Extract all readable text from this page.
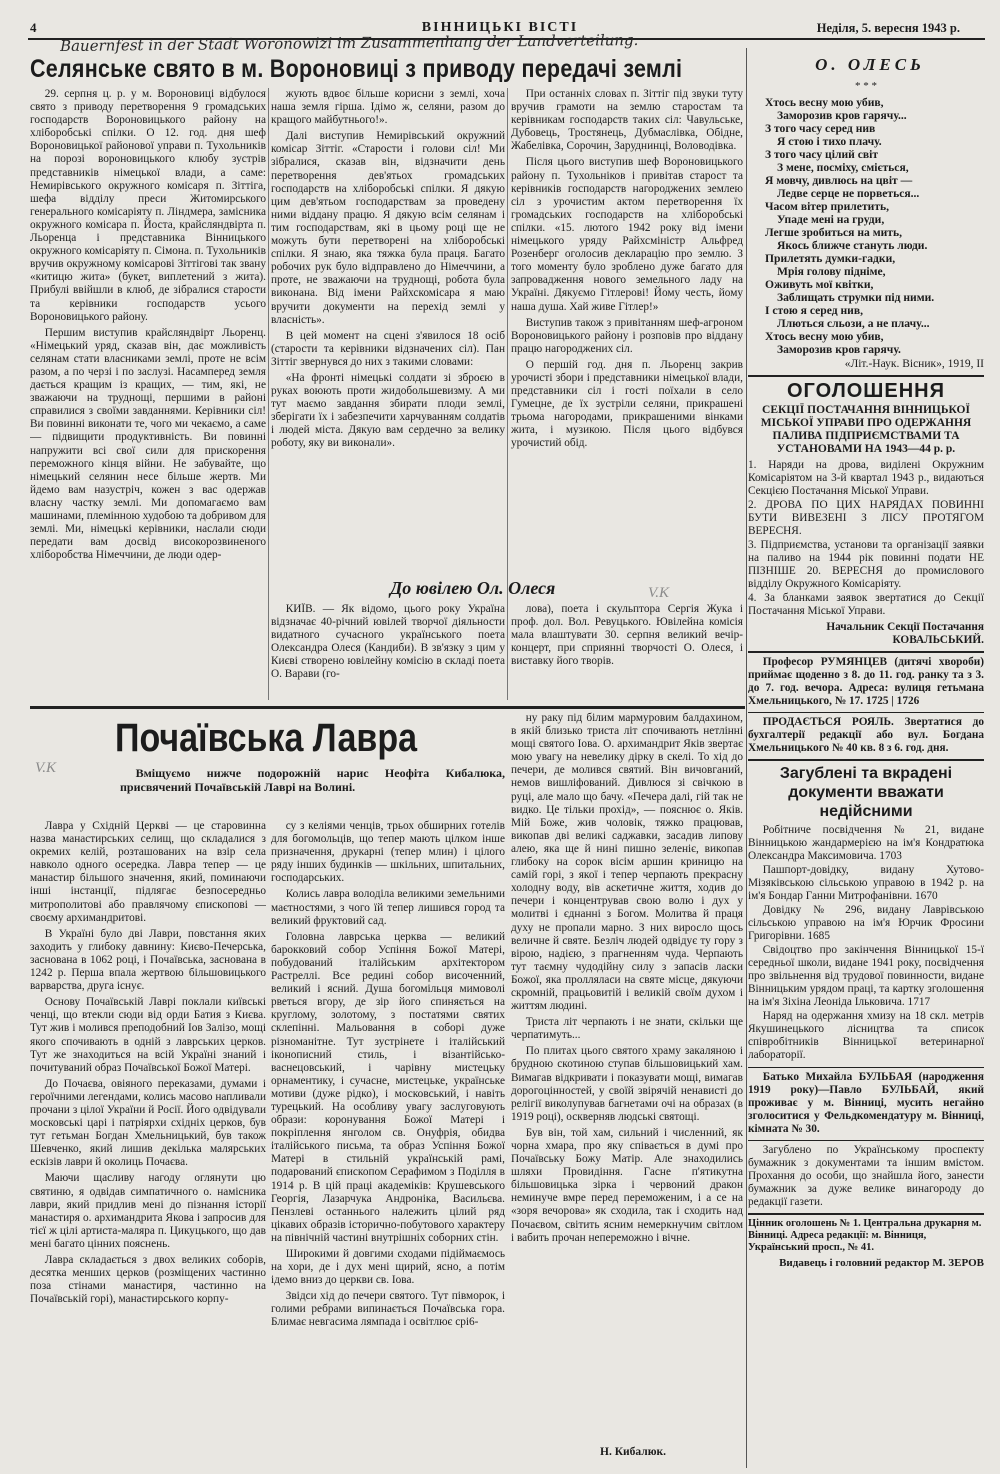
4	ВІННИЦЬКІ ВІСТІ	Неділя, 5. вересня 1943 р.
Bauernfest in der Stadt Woronowizi im Zusammenhang der Landverteilung.
Селянське свято в м. Вороновиці з приводу передачі землі

29. серпня ц. р. у м. Вороновиці відбулося свято з приводу перетворення 9 громадських господарств Вороновицького району на хліборобські спілки. О 12. год. дня шеф Вороновицької районової управи п. Тухольників на порозі вороновицького клюбу зустрів представників німецької влади, а саме: Немирівського окружного комісаря п. Зіттіга, шефа відділу преси Житомирського генерального комісаріяту п. Ліндмера, замісника окружного комісара п. Йоста, крайсляндвірта п. Льоренца і представника Вінницького окружного комісаріяту п. Сімона. п. Тухольників вручив окружному комісарові Зіттігові так звану «китицю жита» (букет, виплетений з жита). Прибулі ввійшли в клюб, де зібралися старости та керівники господарств усього Вороновицького району.

Першим виступив крайсляндвірт Льоренц. «Німецький уряд, сказав він, дає можливість селянам стати власниками землі, проте не всім разом, а по черзі і по заслузі. Насамперед земля дається кращим із кращих, — тим, які, не зважаючи на труднощі, першими в районі справилися з своїми завданнями. Керівники сіл! Ви повинні виконати те, чого ми чекаємо, а саме — підвищити продуктивність. Ви повинні напружити всі свої сили для прискорення переможного кінця війни. Не забувайте, що німецький селянин несе більше жертв. Ми йдемо вам назустріч, кожен з вас одержав власну частку землі. Ми допомагаємо вам машинами, племінною худобою та добривом для землі. Ми, німецькі керівники, наслали сюди передати вам досвід високорозвиненого хліборобства Німеччини, де люди одер-

жують вдвоє більше корисни з землі, хоча наша земля гірша. Ідімо ж, селяни, разом до кращого майбутнього!».

Далі виступив Немирівський окружний комісар Зіттіг. «Старости і голови сіл! Ми зібралися, сказав він, відзначити день перетворення дев'ятьох громадських господарств на хліборобські спілки. Я дякую цим дев'ятьом господарствам за проведену ними віддану працю. Я дякую всім селянам і тим господарствам, які в цьому році ще не можуть бути перетворені на хліборобські спілки. Я знаю, яка тяжка була праця. Багато робочих рук було відправлено до Німеччини, а проте, не зважаючи на труднощі, робота була виконана. Від імени Райхскомісара я маю вручити документи на перехід землі у власність».

В цей момент на сцені з'явилося 18 осіб (старости та керівники відзначених сіл). Пан Зіттіг звернувся до них з такими словами:

«На фронті німецькі солдати зі зброєю в руках воюють проти жидобольшевизму. А ми тут маємо завдання збирати плоди землі, зберігати їх і забезпечити харчуванням солдатів і людей міста. Дякую вам сердечно за велику роботу, яку ви виконали».

При останніх словах п. Зіттіг під звуки туту вручив грамоти на землю старостам та керівникам господарств таких сіл: Чавульське, Дубовець, Тростянець, Дубмаслівка, Обідне, Жабелівка, Сорочин, Заруднинці, Воловодівка.

Після цього виступив шеф Вороновицького району п. Тухольніков і привітав старост та керівників господарств нагороджених землею сіл з урочистим актом перетворення їх громадських господарств на хліборобські спілки. «15. лютого 1942 року від імени німецького уряду Райхсміністр Альфред Розенберг оголосив декларацію про землю. З того моменту було зроблено дуже багато для запровадження нового земельного ладу на Україні. Дякуємо Гітлерові! Йому честь, йому наша душа. Хай живе Гітлер!»

Виступив також з привітанням шеф-агроном Вороновицького району і розповів про віддану працю нагороджених сіл.

О першій год. дня п. Льоренц закрив урочисті збори і представники німецької влади, представники сіл і гості поїхали в село Гумецне, де їх зустріли селяни, прикрашені трьома нагородами, прикрашеними вінками жита, і музикою. Після цього відбувся урочистий обід.

До ювілею Ол. Олеся	V.K

КИЇВ. — Як відомо, цього року Україна відзначає 40-річний ювілей творчої діяльности видатного сучасного українського поета Олександра Олеся (Кандиби). В зв'язку з цим у Києві створено ювілейну комісію в складі поета О. Варави (го-

лова), поета і скульптора Сергія Жука і проф. дол. Вол. Ревуцького. Ювілейна комісія мала влаштувати 30. серпня великий вечір-концерт, при сприянні творчості О. Олеся, і виставку його творів.

V.K
Почаївська Лавра
Вміщуємо нижче подорожній нарис Неофіта Кибалюка, присвячений Почаївській Лаврі на Волині.

Лавра у Східній Церкві — це старовинна назва манастирських селищ, що складалися з окремих келій, розташованих на взір села навколо одного осередка. Лавра тепер — це манастир більшого значення, який, поминаючи інші інстанції, підлягає безпосередньо митрополитові або правлячому єпископові — своєму архимандритові.

В Україні було дві Лаври, повстання яких заходить у глибоку давнину: Києво-Печерська, заснована в 1062 році, і Почаївська, заснована в 1242 р. Перша впала жертвою більшовицького варварства, друга існує.

Основу Почаївській Лаврі поклали київські ченці, що втекли сюди від орди Батия з Києва. Тут жив і молився преподобний Іов Залізо, мощі якого спочивають в одній з лаврських церков. Тут же знаходиться на всій Україні знаний і почитуваний образ Почаївської Божої Матері.

До Почаєва, овіяного переказами, думами і героїчними легендами, колись масово напливали прочани з цілої України й Росії. Його одвідували московські царі і патріярхи східніх церков, був тут гетьман Богдан Хмельницький, був також Шевченко, який лишив декілька малярських ескізів лаври й околиць Почаєва.

Маючи щасливу нагоду оглянути цю святиню, я одвідав симпатичного о. намісника лаври, який придлив мені до пізнання історії манастиря о. архимандрита Якова і запросив для тієї ж цілі артиста-маляра п. Цикуцького, що дав мені багато цінних пояснень.

Лавра складається з двох великих соборів, десятка менших церков (розміщених частинно поза стінами манастиря, частинно на Почаївській горі), манастирського корпу-

су з келіями ченців, трьох обширних готелів для богомольців, що тепер мають цілком інше призначення, друкарні (тепер млин) і цілого ряду інших будинків — шкільних, шпитальних, господарських.

Колись лавра володіла великими земельними маєтностями, з чого їй тепер лишився город та великий фруктовий сад.

Головна лаврська церква — великий барокковий собор Успіння Божої Матері, побудований італійським архітектором Растреллі. Все редині собор височенний, великий і ясний. Душа богомільця мимоволі рветься вгору, де зір його спиняється на круглому, золотому, з постатями святих склепінні. Мальовання в соборі дуже різноманітне. Тут зустрінете і італійський іконописний стиль, і візантійсько-васнецовський, і чарівну мистецьку орнаментику, і сучасне, мистецьке, українське мотиви (дуже рідко), і московський, і навіть турецький. На особливу увагу заслуговують образи: коронування Божої Матері і покріплення янголом св. Онуфрія, обидва італійського письма, та образ Успіння Божої Матері в стильній українській рамі, подарований єпископом Серафимом з Поділля в 1914 р. В цій праці академіків: Крушевського Георгія, Лазарчука Андроніка, Васильєва. Пензлеві останнього належить цілий ряд цікавих образів історично-побутового характеру на північній частині внутрішніх соборних стін.

Широкими й довгими сходами підіймаємось на хори, де і дух мені щирий, ясно, а потім ідемо вниз до церкви св. Іова.

Звідси хід до печери святого. Тут півморок, і голими ребрами випинається Почаївська гора. Блимає невгасима лямпада і освітлює срі6-

ну раку під білим мармуровим балдахином, в якій близько триста літ спочивають нетлінні мощі святого Іова. О. архимандрит Яків звертає мою увагу на невелику дірку в скелі. То хід до печери, де молився святий. Він вичовганий, немов вишліфований. Дивлюся зі свічкою в руці, але мало що бачу. «Печера далі, гій так не видко. Це тільки прохід», — пояснює о. Яків. Мій Боже, жив чоловік, тяжко працював, викопав дві великі саджавки, засадив липову алею, яка ще й нині пишно зеленіє, викопав глибоку на сорок вісім аршин криницю на самій горі, з якої і тепер черпають прекрасну холодну воду, вів аскетичне життя, ходив до печери і концентрував свою волю і дух у молитві і єднанні з Богом. Молитва й праця духу не пропали марно. З них виросло щось величне й святе. Безліч людей одвідує ту гору з вірою, надією, з прагненням чуда. Черпають тут таємну чудодійну силу з запасів ласки Божої, яка пролляласи на святе місце, дякуючи скромній, працьовитій і великій своїм духом і життям людині.

Триста літ черпають і не знати, скільки ще черпатимуть...

По плитах цього святого храму закаляною і брудною скотиною ступав більшовицький хам. Вимагав відкривати і показувати мощі, вимагав дорогоцінностей, у своїй звірячій ненависті до релігії виколупував багнетами очі на образах (в 1919 році), оскверняв людські святощі.

Був він, той хам, сильний і численний, як чорна хмара, про яку співається в думі про Почаївську Божу Матір. Але знаходились шляхи Провидіння. Гасне п'ятикутна більшовицька зірка і червоний дракон неминуче вмре перед переможеним, і а се на «зоря вечорова» як сходила, так і сходить над Почаєвом, світить ясним немеркнучим світлом і вабить прочан непереможно і вічне.

Н. Кибалюк.
О. ОЛЕСЬ
* * *
Хтось весну мою убив,
Заморозив кров гарячу...
З того часу серед нив
Я стою і тихо плачу.
З того часу цілий світ
З мене, посміху, сміється,
Я мовчу, дивлюсь на цвіт —
Ледве серце не порветься...
Часом вітер прилетить,
Упаде мені на груди,
Легше зробиться на мить,
Якось ближче стануть люди.
Прилетять думки-гадки,
Мрія голову підніме,
Оживуть мої квітки,
Заблищать струмки під ними.
І стою я серед нив,
Ллються сльози, а не плачу...
Хтось весну мою убив,
Заморозив кров гарячу.
«Літ.-Наук. Вісник», 1919, II
ОГОЛОШЕННЯ
СЕКЦІЇ ПОСТАЧАННЯ ВІННИЦЬКОЇ МІСЬКОЇ УПРАВИ ПРО ОДЕРЖАННЯ ПАЛИВА ПІДПРИЄМСТВАМИ ТА УСТАНОВАМИ НА 1943—44 р. р.

1. Наряди на дрова, виділені Окружним Комісаріятом на 3-й квартал 1943 р., видаються Секцією Постачання Міської Управи.

2. ДРОВА ПО ЦИХ НАРЯДАХ ПОВИННІ БУТИ ВИВЕЗЕНІ З ЛІСУ ПРОТЯГОМ ВЕРЕСНЯ.

3. Підприємства, установи та організації заявки на паливо на 1944 рік повинні подати НЕ ПІЗНІШЕ 20. ВЕРЕСНЯ до промислового відділу Окружного Комісаріяту.

4. За бланками заявок звертатися до Секції Постачання Міської Управи.

Начальник Секції Постачання КОВАЛЬСЬКИЙ.
Професор РУМЯНЦЕВ (дитячі хвороби) приймає щоденно з 8. до 11. год. ранку та з 3. до 7. год. вечора. Адреса: вулиця гетьмана Хмельницького, № 17. 1725 | 1726
ПРОДАЄТЬСЯ РОЯЛЬ. Звертатися до бухгалтерії редакції або вул. Богдана Хмельницького № 40 кв. 8 з 6. год. дня.
Загублені та вкрадені документи вважати недійсними

Робітниче посвідчення № 21, видане Вінницькою жандармерією на ім'я Кондратюка Олександра Максимовича. 1703

Пашпорт-довідку, видану Хутово-Мізяківською сільською управою в 1942 р. на ім'я Бондар Ганни Митрофанівни. 1670

Довідку № 296, видану Лаврівською сільською управою на ім'я Юрчик Фросини Григорівни. 1685

Свідоцтво про закінчення Вінницької 15-ї середньої школи, видане 1941 року, посвідчення про звільнення від трудової повинности, видане Вінницьким урядом праці, та картку зголошення на ім'я Зіхіна Леоніда Ільковича. 1717

Наряд на одержання хмизу на 18 скл. метрів Якушинецького лісництва та список співробітників Вінницької ветеринарної лабораторії.

Батько Михайла БУЛЬБАЯ (народження 1919 року)—Павло БУЛЬБАЙ, який проживає у м. Вінниці, мусить негайно зголоситися у Фельдкомендатуру м. Вінниці, кімната № 30.
Загублено по Українському проспекту бумажник з документами та іншим вмістом. Прохання до особи, що знайшла його, занести бумажник за дуже велике винагороду до редакції газети.
Цінник оголошень № 1. Центральна друкарня м. Вінниці. Адреса редакції: м. Вінниця, Український просп., № 41.
Видавець і головний редактор М. ЗЕРОВ
